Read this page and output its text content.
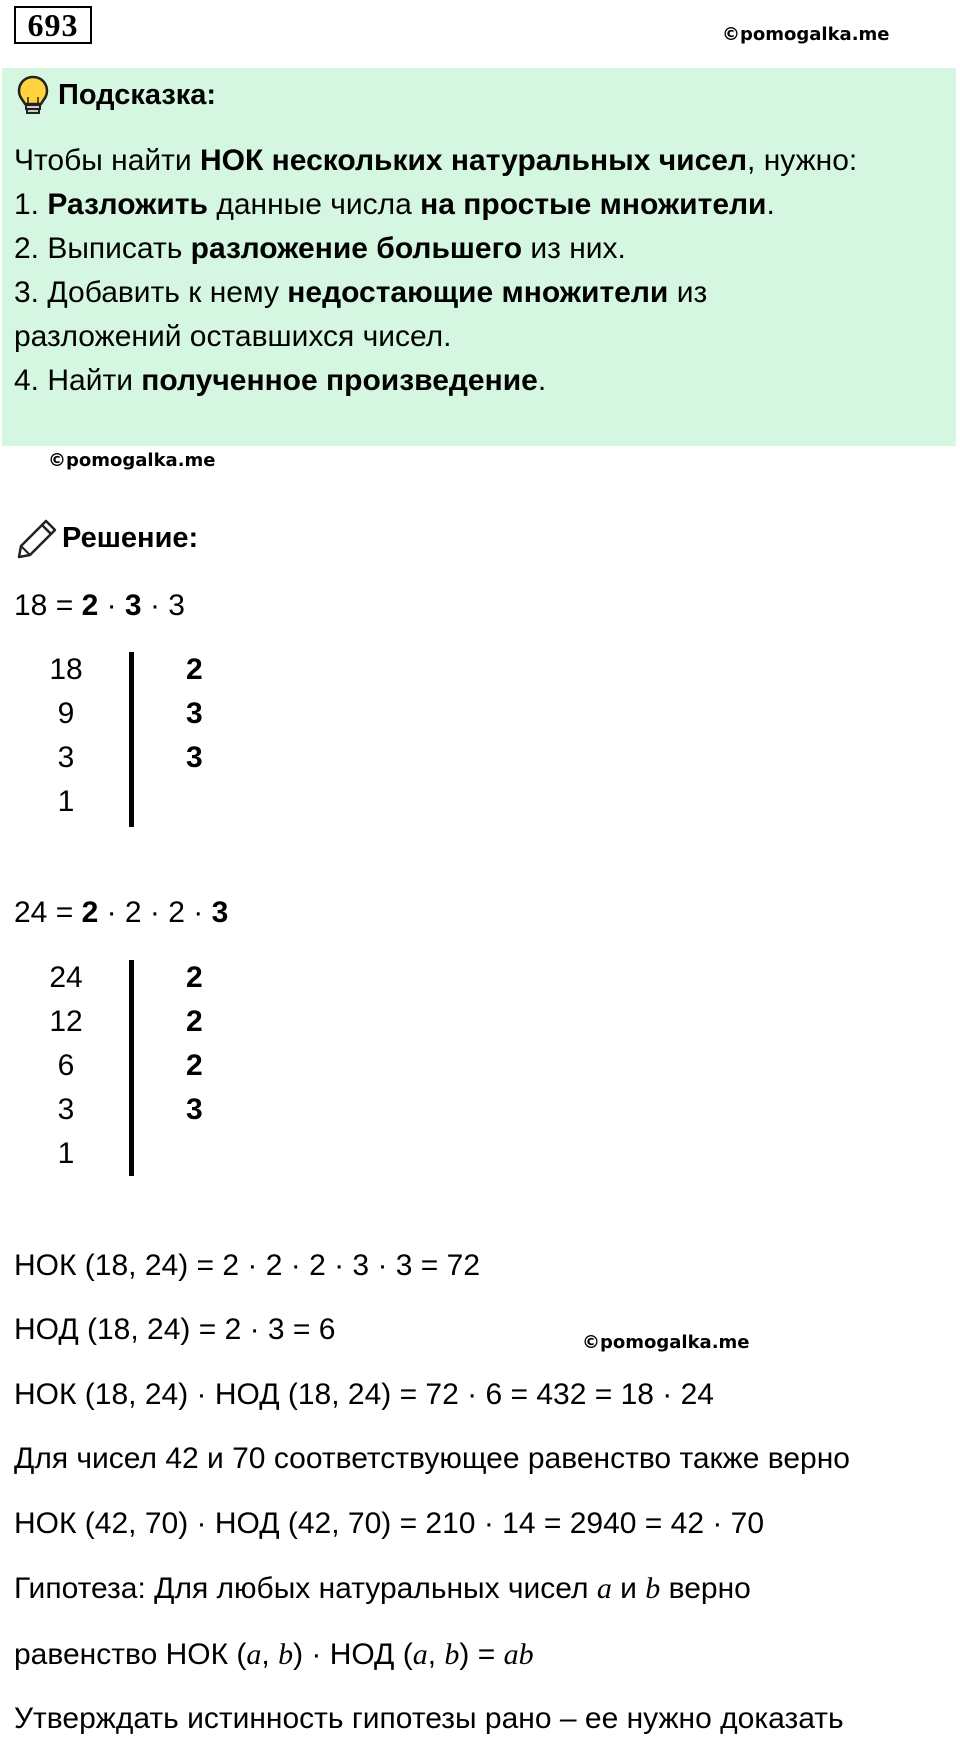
693	©pomogalka.me
Подсказка:
Чтобы найти НОК нескольких натуральных чисел, нужно:
1. Разложить данные числа на простые множители.
2. Выписать разложение большего из них.
3. Добавить к нему недостающие множители из
разложений оставшихся чисел.
4. Найти полученное произведение.
©pomogalka.me
Решение:
18 = 2 · 3 · 3
18
9
3
1
2
3
3
24 = 2 · 2 · 2 · 3
24
12
6
3
1
2
2
2
3
НОК (18, 24) = 2 · 2 · 2 · 3 · 3 = 72
НОД (18, 24) = 2 · 3 = 6	©pomogalka.me
НОК (18, 24) · НОД (18, 24) = 72 · 6 = 432 = 18 · 24
Для чисел 42 и 70 соответствующее равенство также верно
НОК (42, 70) · НОД (42, 70) = 210 · 14 = 2940 = 42 · 70
Гипотеза: Для любых натуральных чисел a и b верно
равенство НОК (a, b) · НОД (a, b) = ab
Утверждать истинность гипотезы рано – ее нужно доказать
